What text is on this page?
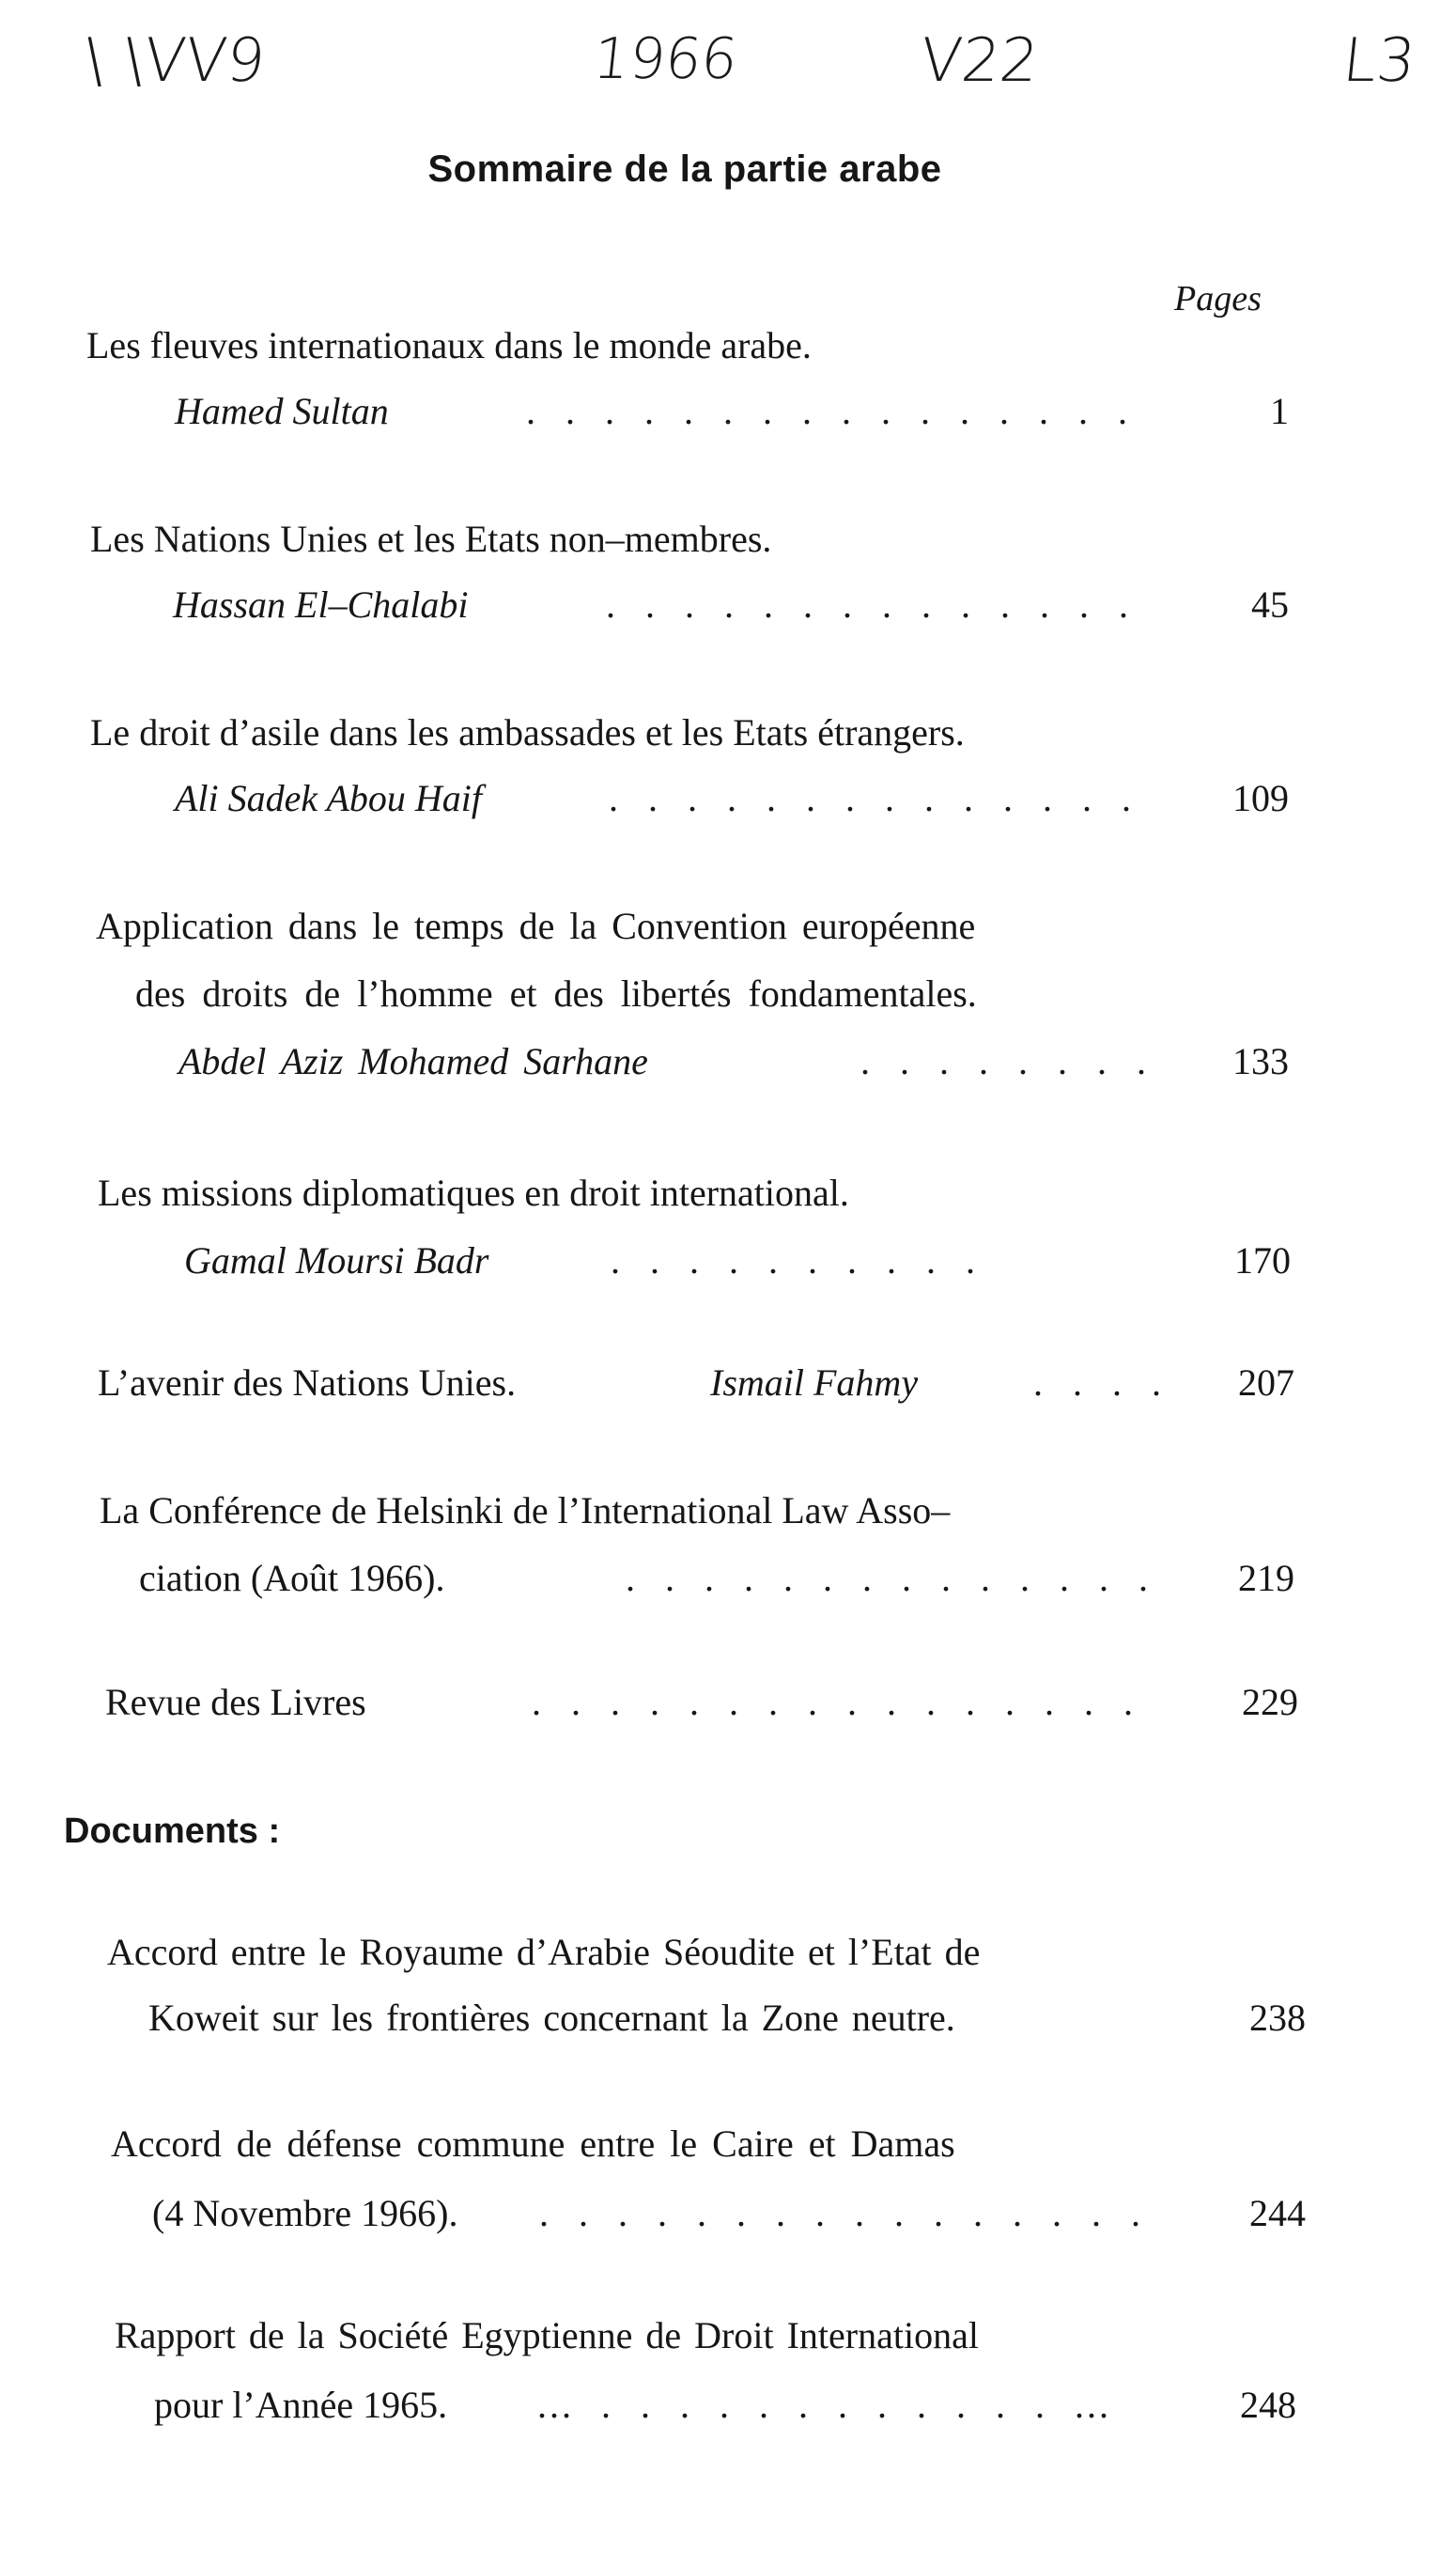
\ \VV9	1966	V22	L3
Sommaire de la partie arabe
Pages
Les fleuves internationaux dans le monde arabe.
Hamed Sultan	. . . . . . . . . . . . . . . .	1
Les Nations Unies et les Etats non–membres.
Hassan El–Chalabi	. . . . . . . . . . . . . .	45
Le droit d’asile dans les ambassades et les Etats étrangers.
Ali Sadek Abou Haif	. . . . . . . . . . . . . .	109
Application dans le temps de la Convention européenne
des droits de l’homme et des libertés fondamentales.
Abdel Aziz Mohamed Sarhane	. . . . . . . .	133
Les missions diplomatiques en droit international.
Gamal Moursi Badr	. . . . . . . . . .	170
L’avenir des Nations Unies.	Ismail Fahmy	. . . .	207
La Conférence de Helsinki de l’International Law Asso–
ciation (Août 1966).	. . . . . . . . . . . . . .	219
Revue des Livres	. . . . . . . . . . . . . . . .	229
Documents :
Accord entre le Royaume d’Arabie Séoudite et l’Etat de
Koweit sur les frontières concernant la Zone neutre.	238
Accord de défense commune entre le Caire et Damas
(4 Novembre 1966). . . . . . . . . . . . . . . . .	244
Rapport de la Société Egyptienne de Droit International
pour l’Année 1965. ... . . . . . . . . . . . . ...	248
